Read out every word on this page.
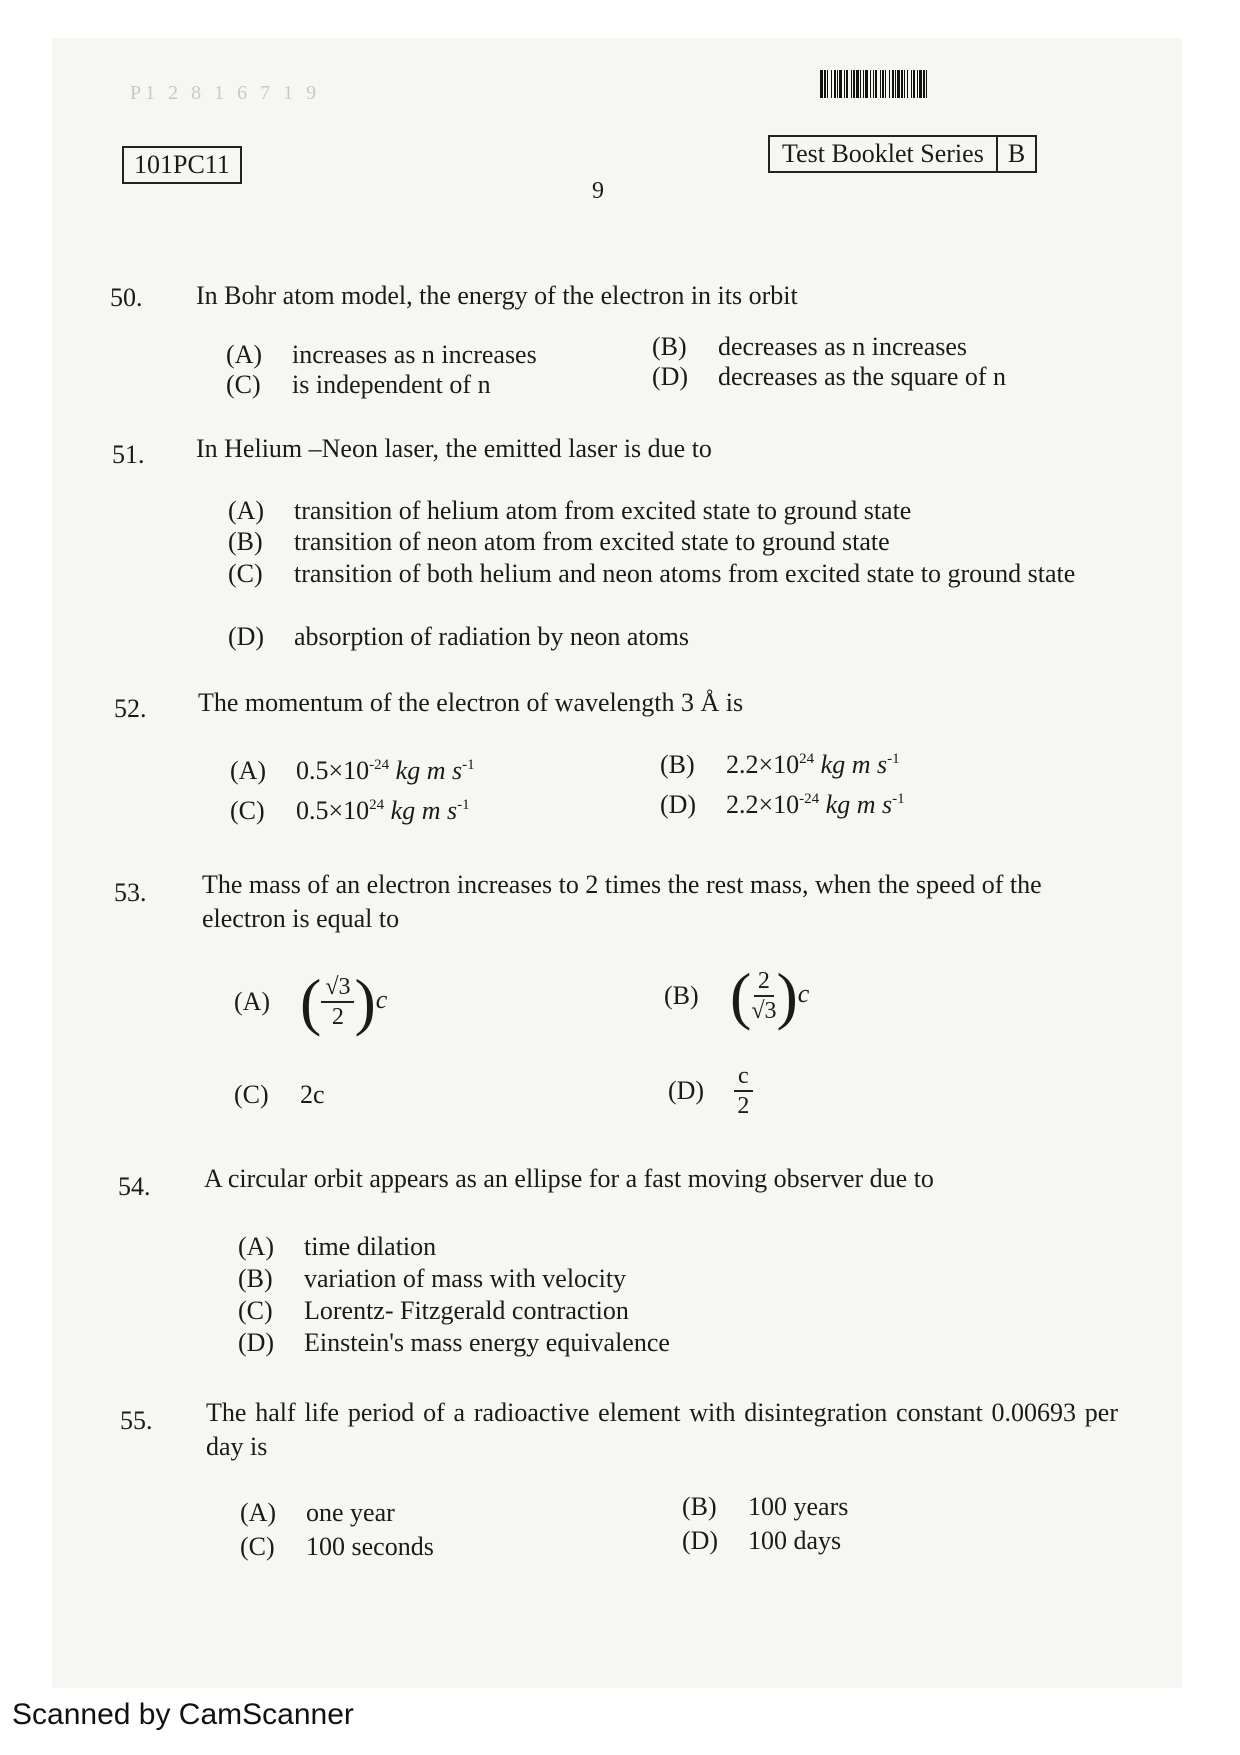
P1 2 8 1 6 7 1 9
101PC11	Test Booklet Series B
9
50. In Bohr atom model, the energy of the electron in its orbit
(A)	increases as n increases	(B)	decreases as n increases
(C)	is independent of n	(D)	decreases as the square of n
51. In Helium –Neon laser, the emitted laser is due to
(A)	transition of helium atom from excited state to ground state
(B)	transition of neon atom from excited state to ground state
(C)	transition of both helium and neon atoms from excited state to ground state
(D)	absorption of radiation by neon atoms
52. The momentum of the electron of wavelength 3 Å is
(A)	$0.5\times 10^{-24}$ kg m $s^{-1}$	(B)	$2.2\times 10^{24}$ kg m $s^{-1}$
(C)	$0.5\times 10^{24}$ kg m $s^{-1}$	(D)	$2.2\times 10^{-24}$ kg m $s^{-1}$
53. The mass of an electron increases to 2 times the rest mass, when the speed of the electron is equal to
(A) ( $\frac{√3}{2} )c$	(B) ( $\frac{2}{√3} )c$
(C)	2c	(D)	$\frac{c}{2}$
54. A circular orbit appears as an ellipse for a fast moving observer due to
(A)	time dilation
(B)	variation of mass with velocity
(C)	Lorentz- Fitzgerald contraction
(D)	Einstein's mass energy equivalence
55. The half life period of a radioactive element with disintegration constant 0.00693 per day is
(A)	one year	(B)	100 years
(C)	100 seconds	(D)	100 days
Scanned by CamScanner
